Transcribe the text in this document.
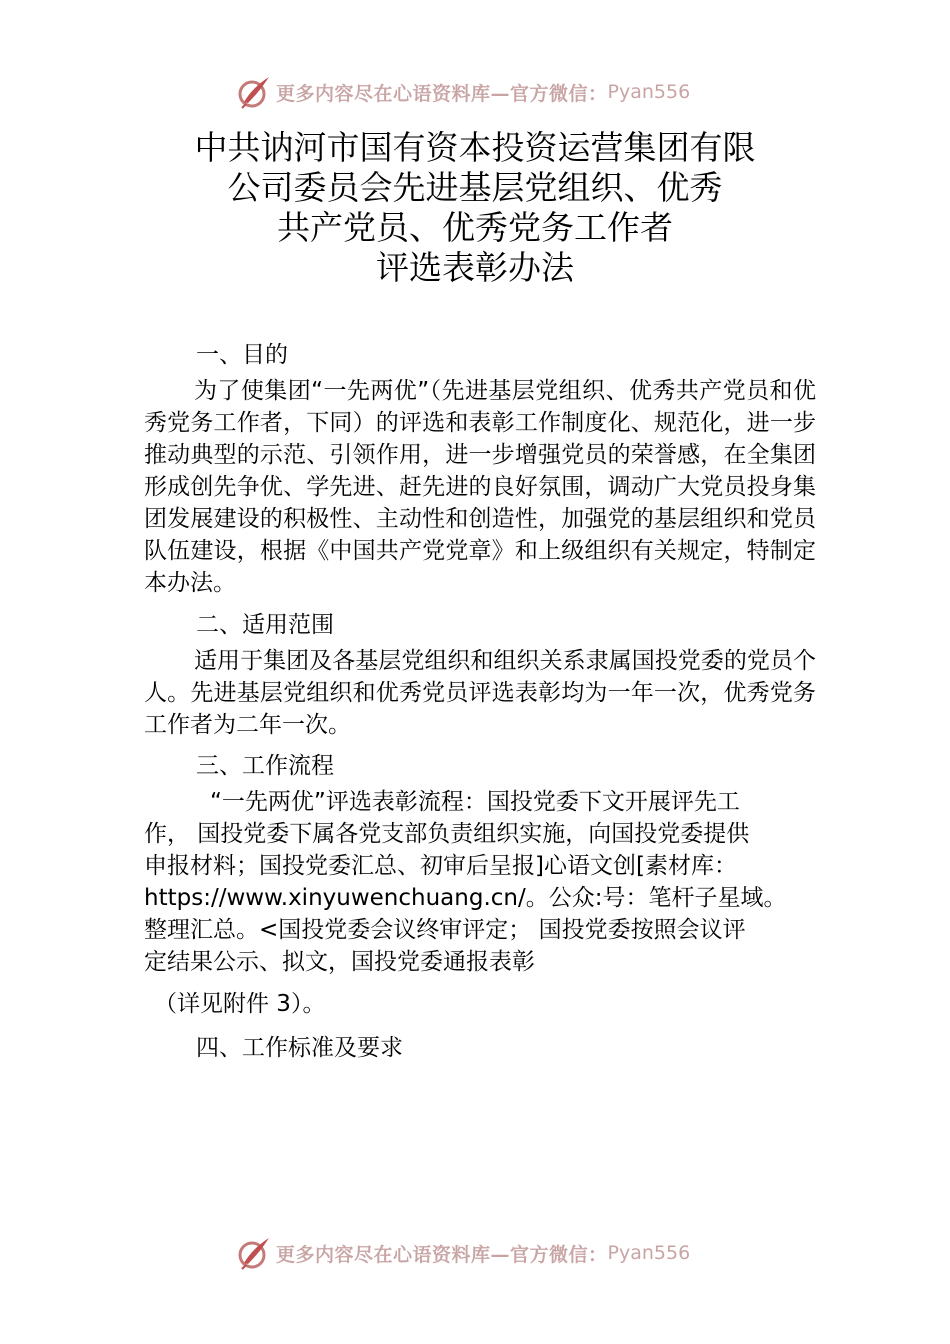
更多内容尽在心语资料库—官方微信： Pyan556
中共讷河市国有资本投资运营集团有限
公司委员会先进基层党组织、优秀
共产党员、优秀党务工作者
评选表彰办法
一、目的

为了使集团“一先两优”（先进基层党组织、优秀共产党员和优秀党务工作者，下同）的评选和表彰工作制度化、规范化，进一步推动典型的示范、引领作用，进一步增强党员的荣誉感，在全集团形成创先争优、学先进、赶先进的良好氛围，调动广大党员投身集团发展建设的积极性、主动性和创造性，加强党的基层组织和党员队伍建设，根据《中国共产党党章》和上级组织有关规定，特制定本办法。

二、适用范围

适用于集团及各基层党组织和组织关系隶属国投党委的党员个人。先进基层党组织和优秀党员评选表彰均为一年一次，优秀党务工作者为二年一次。

三、工作流程
“一先两优”评选表彰流程：国投党委下文开展评先工
作， 国投党委下属各党支部负责组织实施，向国投党委提供
申报材料；国投党委汇总、初审后呈报]心语文创[素材库：
https://www.xinyuwenchuang.cn/。公众:号：笔杆子星域。
整理汇总。<国投党委会议终审评定； 国投党委按照会议评
定结果公示、拟文，国投党委通报表彰
（详见附件 3）。
四、工作标准及要求
更多内容尽在心语资料库—官方微信： Pyan556
